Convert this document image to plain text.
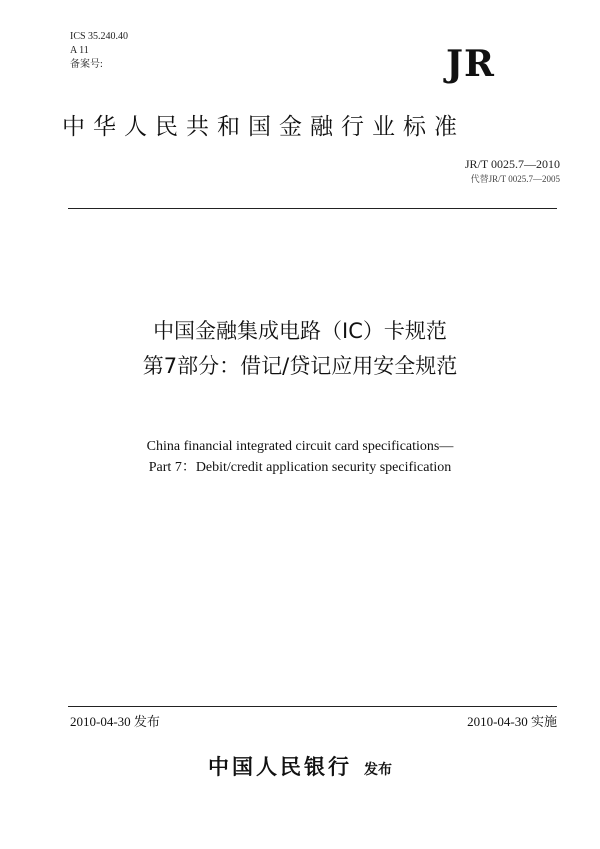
ICS 35.240.40
A 11
备案号:	JR
中华人民共和国金融行业标准
JR/T 0025.7—2010
代替JR/T 0025.7—2005
中国金融集成电路（IC）卡规范
第7部分：借记/贷记应用安全规范
China financial integrated circuit card specifications—
Part 7：Debit/credit application security specification
2010-04-30 发布	2010-04-30 实施
中国人民银行 发布
